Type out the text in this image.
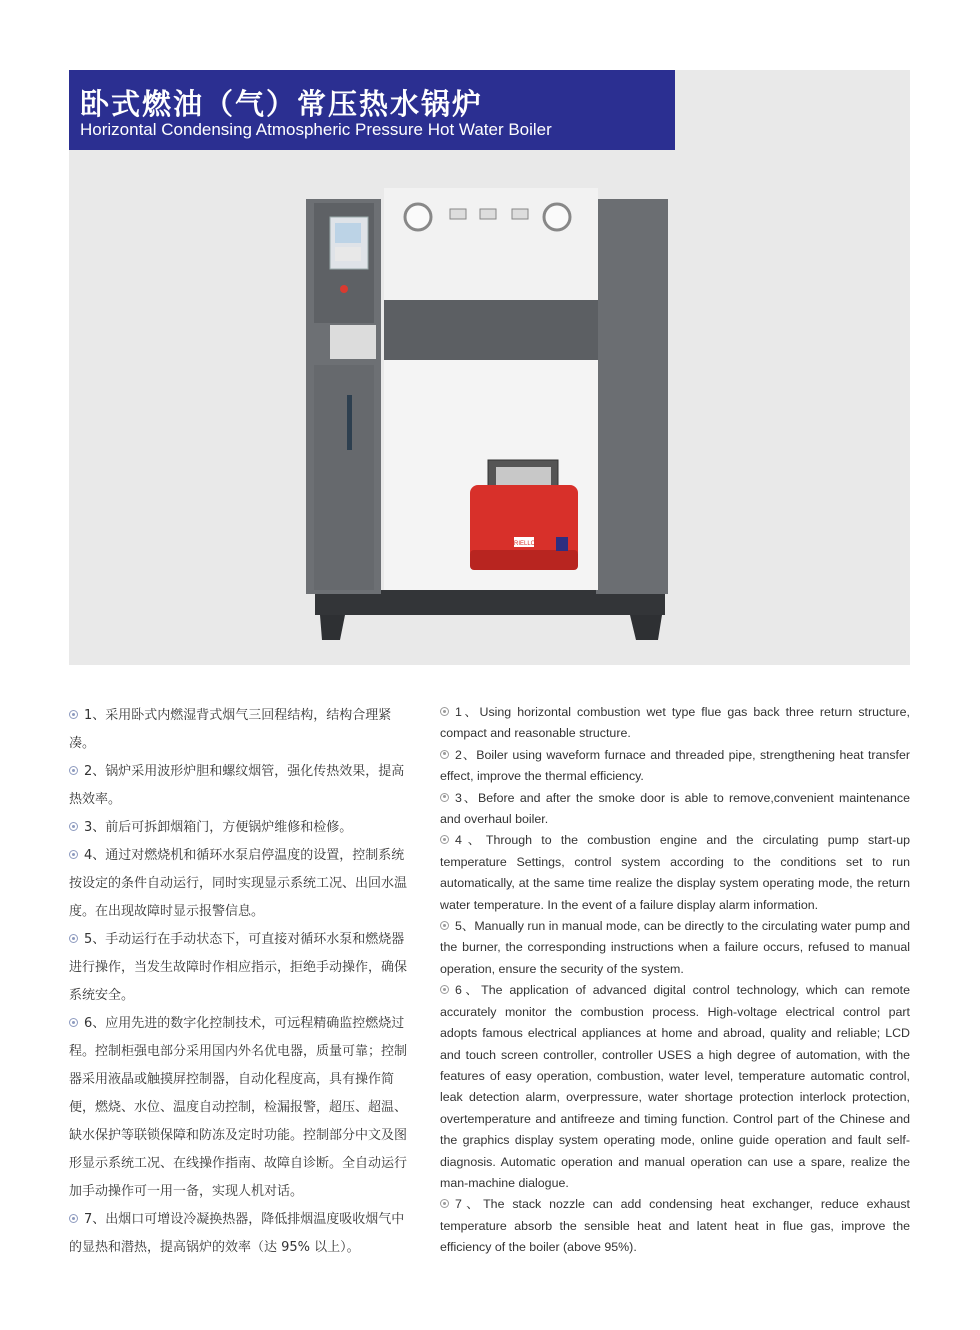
卧式燃油（气）常压热水锅炉
Horizontal Condensing Atmospheric Pressure Hot Water Boiler
RIELLO

1、采用卧式内燃湿背式烟气三回程结构，结构合理紧凑。

2、锅炉采用波形炉胆和螺纹烟管，强化传热效果，提高热效率。

3、前后可拆卸烟箱门，方便锅炉维修和检修。

4、通过对燃烧机和循环水泵启停温度的设置，控制系统按设定的条件自动运行，同时实现显示系统工况、出回水温度。在出现故障时显示报警信息。

5、手动运行在手动状态下，可直接对循环水泵和燃烧器进行操作，当发生故障时作相应指示，拒绝手动操作，确保系统安全。

6、应用先进的数字化控制技术，可远程精确监控燃烧过程。控制柜强电部分采用国内外名优电器，质量可靠；控制器采用液晶或触摸屏控制器，自动化程度高，具有操作简便，燃烧、水位、温度自动控制，检漏报警，超压、超温、缺水保护等联锁保障和防冻及定时功能。控制部分中文及图形显示系统工况、在线操作指南、故障自诊断。全自动运行加手动操作可一用一备，实现人机对话。

7、出烟口可增设冷凝换热器，降低排烟温度吸收烟气中的显热和潜热，提高锅炉的效率（达 95% 以上）。

1、Using horizontal combustion wet type flue gas back three return structure, compact and reasonable structure.

2、Boiler using waveform furnace and threaded pipe, strengthening heat transfer effect, improve the thermal efficiency.

3、Before and after the smoke door is able to remove,convenient maintenance and overhaul boiler.

4、Through to the combustion engine and the circulating pump start-up temperature Settings, control system according to the conditions set to run automatically, at the same time realize the display system operating mode, the return water temperature. In the event of a failure display alarm information.

5、Manually run in manual mode, can be directly to the circulating water pump and the burner, the corresponding instructions when a failure occurs, refused to manual operation, ensure the security of the system.

6、The application of advanced digital control technology, which can remote accurately monitor the combustion process. High-voltage electrical control part adopts famous electrical appliances at home and abroad, quality and reliable; LCD and touch screen controller, controller USES a high degree of automation, with the features of easy operation, combustion, water level, temperature automatic control, leak detection alarm, overpressure, water shortage protection interlock protection, overtemperature and antifreeze and timing function. Control part of the Chinese and the graphics display system operating mode, online guide operation and fault self-diagnosis. Automatic operation and manual operation can use a spare, realize the man-machine dialogue.

7、The stack nozzle can add condensing heat exchanger, reduce exhaust temperature absorb the sensible heat and latent heat in flue gas, improve the efficiency of the boiler (above 95%).
